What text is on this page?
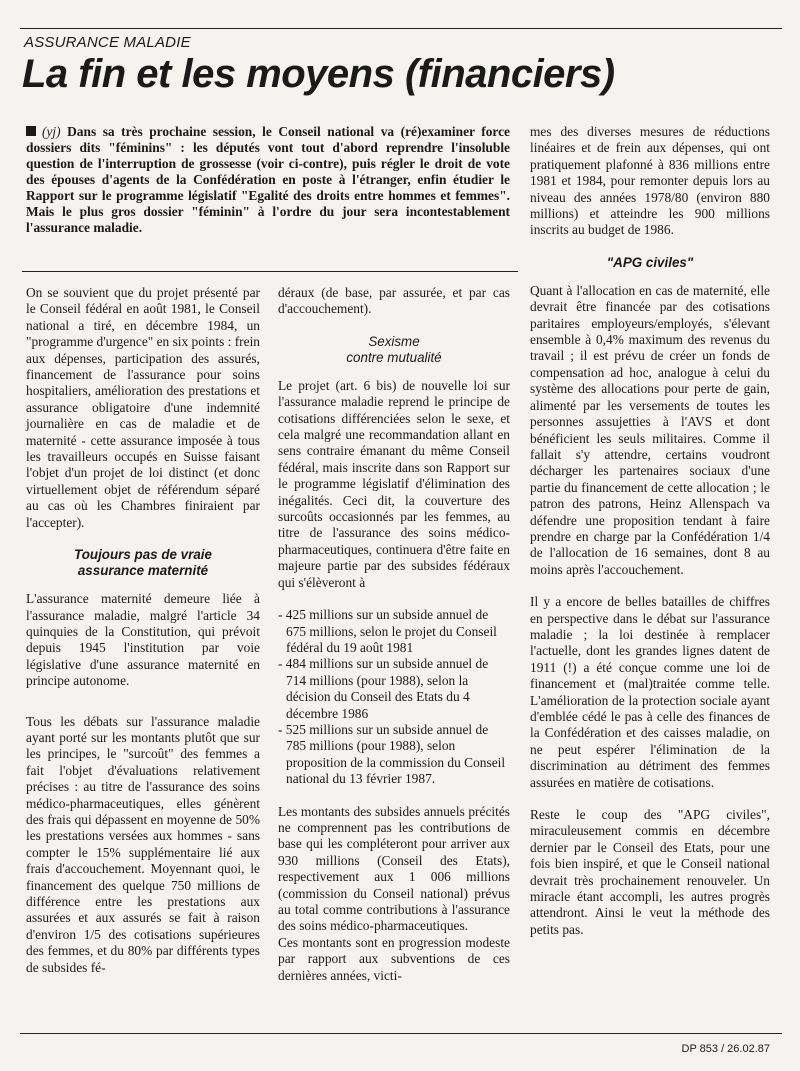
ASSURANCE MALADIE
La fin et les moyens (financiers)
(yj) Dans sa très prochaine session, le Conseil national va (ré)examiner force dossiers dits "féminins" : les députés vont tout d'abord reprendre l'insoluble question de l'interruption de grossesse (voir ci-contre), puis régler le droit de vote des épouses d'agents de la Confédération en poste à l'étranger, enfin étudier le Rapport sur le programme législatif "Egalité des droits entre hommes et femmes". Mais le plus gros dossier "féminin" à l'ordre du jour sera incontestablement l'assurance maladie.

On se souvient que du projet présenté par le Conseil fédéral en août 1981, le Conseil national a tiré, en décembre 1984, un "programme d'urgence" en six points : frein aux dépenses, participation des assurés, financement de l'assurance pour soins hospitaliers, amélioration des prestations et assurance obligatoire d'une indemnité journalière en cas de maladie et de maternité - cette assurance imposée à tous les travailleurs occupés en Suisse faisant l'objet d'un projet de loi distinct (et donc virtuellement objet de référendum séparé au cas où les Chambres finiraient par l'accepter).

Toujours pas de vraie
assurance maternité

L'assurance maternité demeure liée à l'assurance maladie, malgré l'article 34 quinquies de la Constitution, qui prévoit depuis 1945 l'institution par voie législative d'une assurance maternité en principe autonome.

Tous les débats sur l'assurance maladie ayant porté sur les montants plutôt que sur les principes, le "surcoût" des femmes a fait l'objet d'évaluations relativement précises : au titre de l'assurance des soins médico-pharmaceutiques, elles génèrent des frais qui dépassent en moyenne de 50% les prestations versées aux hommes - sans compter le 15% supplémentaire lié aux frais d'accouchement. Moyennant quoi, le financement des quelque 750 millions de différence entre les prestations aux assurées et aux assurés se fait à raison d'environ 1/5 des cotisations supérieures des femmes, et du 80% par différents types de subsides fé-

déraux (de base, par assurée, et par cas d'accouchement).

Sexisme
contre mutualité

Le projet (art. 6 bis) de nouvelle loi sur l'assurance maladie reprend le principe de cotisations différenciées selon le sexe, et cela malgré une recommandation allant en sens contraire émanant du même Conseil fédéral, mais inscrite dans son Rapport sur le programme législatif d'élimination des inégalités. Ceci dit, la couverture des surcoûts occasionnés par les femmes, au titre de l'assurance des soins médico-pharmaceutiques, continuera d'être faite en majeure partie par des subsides fédéraux qui s'élèveront à

- 425 millions sur un subside annuel de 675 millions, selon le projet du Conseil fédéral du 19 août 1981
- 484 millions sur un subside annuel de 714 millions (pour 1988), selon la décision du Conseil des Etats du 4 décembre 1986
- 525 millions sur un subside annuel de 785 millions (pour 1988), selon proposition de la commission du Conseil national du 13 février 1987.

Les montants des subsides annuels précités ne comprennent pas les contributions de base qui les compléteront pour arriver aux 930 millions (Conseil des Etats), respectivement aux 1 006 millions (commission du Conseil national) prévus au total comme contributions à l'assurance des soins médico-pharmaceutiques.

Ces montants sont en progression modeste par rapport aux subventions de ces dernières années, victi-

mes des diverses mesures de réductions linéaires et de frein aux dépenses, qui ont pratiquement plafonné à 836 millions entre 1981 et 1984, pour remonter depuis lors au niveau des années 1978/80 (environ 880 millions) et atteindre les 900 millions inscrits au budget de 1986.

"APG civiles"

Quant à l'allocation en cas de maternité, elle devrait être financée par des cotisations paritaires employeurs/employés, s'élevant ensemble à 0,4% maximum des revenus du travail ; il est prévu de créer un fonds de compensation ad hoc, analogue à celui du système des allocations pour perte de gain, alimenté par les versements de toutes les personnes assujetties à l'AVS et dont bénéficient les seuls militaires. Comme il fallait s'y attendre, certains voudront décharger les partenaires sociaux d'une partie du financement de cette allocation ; le patron des patrons, Heinz Allenspach va défendre une proposition tendant à faire prendre en charge par la Confédération 1/4 de l'allocation de 16 semaines, dont 8 au moins après l'accouchement.

Il y a encore de belles batailles de chiffres en perspective dans le débat sur l'assurance maladie ; la loi destinée à remplacer l'actuelle, dont les grandes lignes datent de 1911 (!) a été conçue comme une loi de financement et (mal)traitée comme telle. L'amélioration de la protection sociale ayant d'emblée cédé le pas à celle des finances de la Confédération et des caisses maladie, on ne peut espérer l'élimination de la discrimination au détriment des femmes assurées en matière de cotisations.

Reste le coup des "APG civiles", miraculeusement commis en décembre dernier par le Conseil des Etats, pour une fois bien inspiré, et que le Conseil national devrait très prochainement renouveler. Un miracle étant accompli, les autres progrès attendront. Ainsi le veut la méthode des petits pas.

DP 853 / 26.02.87
